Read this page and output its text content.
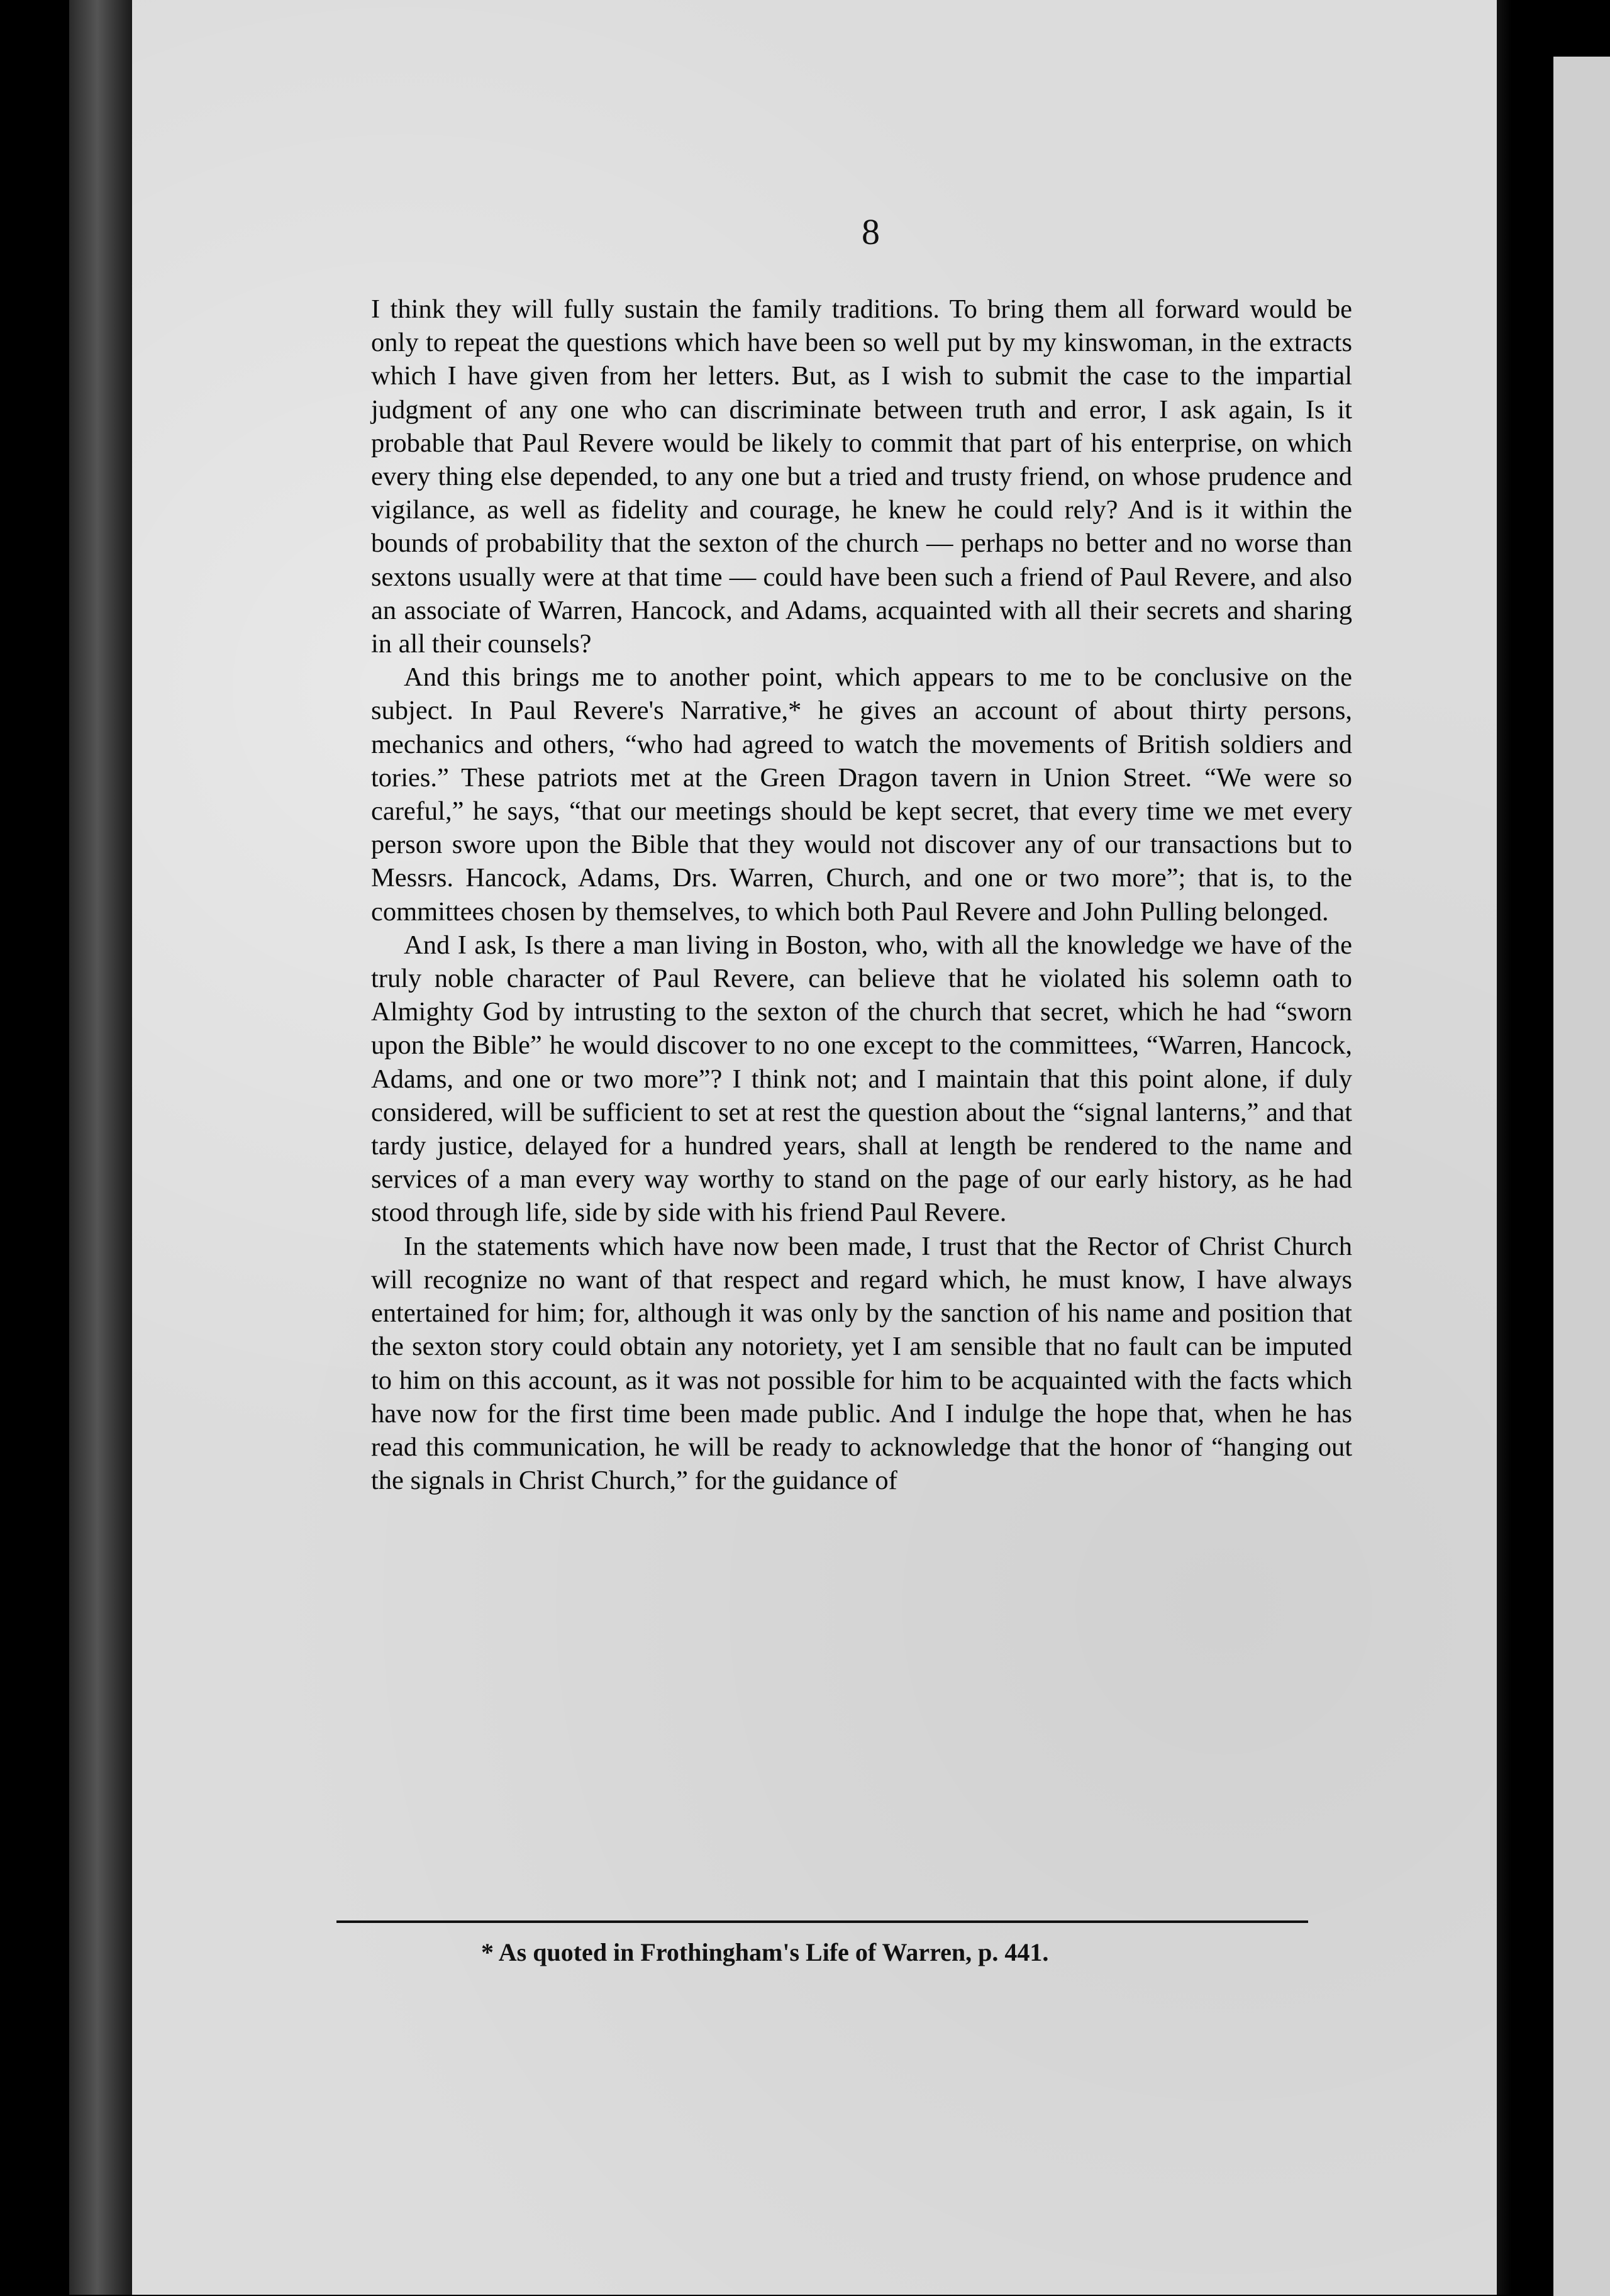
8

I think they will fully sustain the family traditions. To bring them all forward would be only to repeat the questions which have been so well put by my kinswoman, in the extracts which I have given from her letters. But, as I wish to submit the case to the impartial judgment of any one who can discriminate between truth and error, I ask again, Is it probable that Paul Revere would be likely to commit that part of his enterprise, on which every thing else depended, to any one but a tried and trusty friend, on whose prudence and vigilance, as well as fidelity and courage, he knew he could rely? And is it within the bounds of probability that the sexton of the church — perhaps no better and no worse than sextons usually were at that time — could have been such a friend of Paul Revere, and also an associate of Warren, Hancock, and Adams, acquainted with all their secrets and sharing in all their counsels?

And this brings me to another point, which appears to me to be conclusive on the subject. In Paul Revere's Narrative,* he gives an account of about thirty persons, mechanics and others, “who had agreed to watch the movements of British soldiers and tories.” These patriots met at the Green Dragon tavern in Union Street. “We were so careful,” he says, “that our meetings should be kept secret, that every time we met every person swore upon the Bible that they would not discover any of our transactions but to Messrs. Hancock, Adams, Drs. Warren, Church, and one or two more”; that is, to the committees chosen by themselves, to which both Paul Revere and John Pulling belonged.

And I ask, Is there a man living in Boston, who, with all the knowledge we have of the truly noble character of Paul Revere, can believe that he violated his solemn oath to Almighty God by intrusting to the sexton of the church that secret, which he had “sworn upon the Bible” he would discover to no one except to the committees, “Warren, Hancock, Adams, and one or two more”? I think not; and I maintain that this point alone, if duly considered, will be sufficient to set at rest the question about the “signal lanterns,” and that tardy justice, delayed for a hundred years, shall at length be rendered to the name and services of a man every way worthy to stand on the page of our early history, as he had stood through life, side by side with his friend Paul Revere.

In the statements which have now been made, I trust that the Rector of Christ Church will recognize no want of that respect and regard which, he must know, I have always entertained for him; for, although it was only by the sanction of his name and position that the sexton story could obtain any notoriety, yet I am sensible that no fault can be imputed to him on this account, as it was not possible for him to be acquainted with the facts which have now for the first time been made public. And I indulge the hope that, when he has read this communication, he will be ready to acknowledge that the honor of “hanging out the signals in Christ Church,” for the guidance of

* As quoted in Frothingham's Life of Warren, p. 441.
